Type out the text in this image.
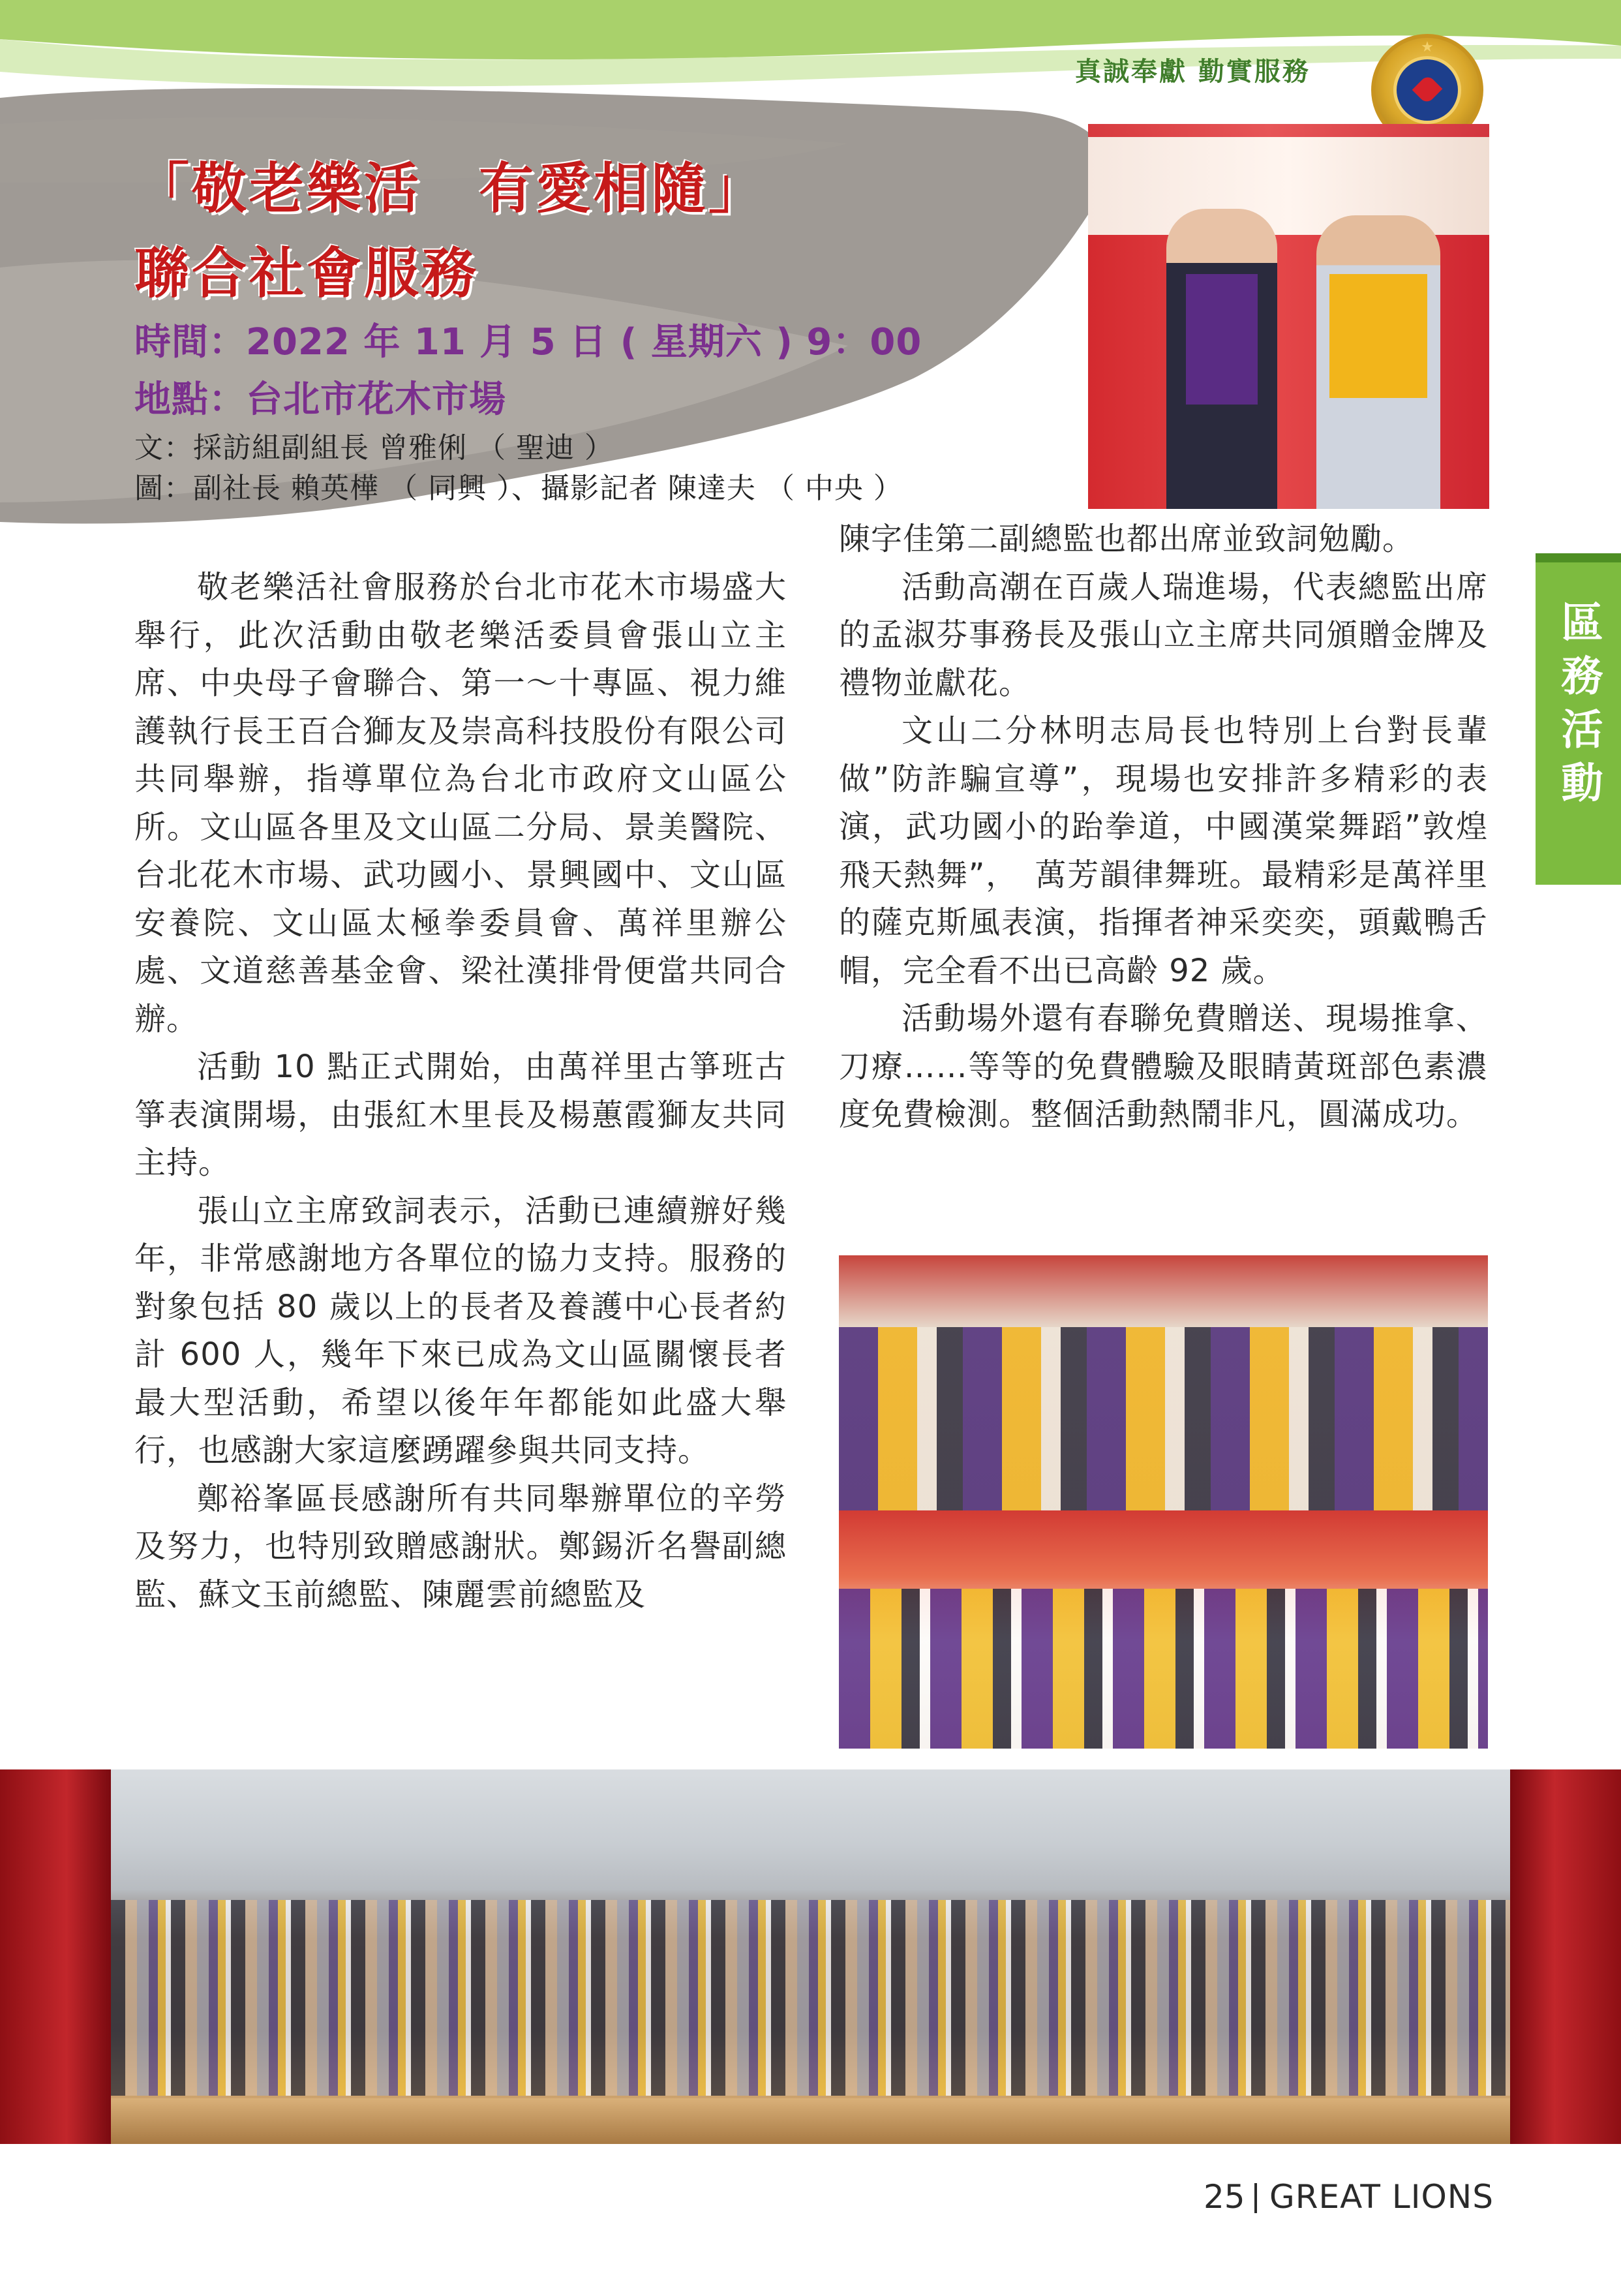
真誠奉獻 勤實服務
★
「敬老樂活　有愛相隨」
聯合社會服務
時間：2022 年 11 月 5 日 ( 星期六 ) 9：00
地點：台北市花木市場
文：採訪組副組長 曾雅俐 （ 聖迪 ）
圖：副社長 賴英樺 （ 同興 ）、攝影記者 陳達夫 （ 中央 ）
區務活動

敬老樂活社會服務於台北市花木市場盛大舉行，此次活動由敬老樂活委員會張山立主席、中央母子會聯合、第一～十專區、視力維護執行長王百合獅友及崇高科技股份有限公司共同舉辦，指導單位為台北市政府文山區公所。文山區各里及文山區二分局、景美醫院、台北花木市場、武功國小、景興國中、文山區安養院、文山區太極拳委員會、萬祥里辦公處、文道慈善基金會、梁社漢排骨便當共同合辦。

活動 10 點正式開始，由萬祥里古箏班古箏表演開場，由張紅木里長及楊蕙霞獅友共同主持。

張山立主席致詞表示，活動已連續辦好幾年，非常感謝地方各單位的協力支持。服務的對象包括 80 歲以上的長者及養護中心長者約計 600 人，幾年下來已成為文山區關懷長者最大型活動，希望以後年年都能如此盛大舉行，也感謝大家這麼踴躍參與共同支持。

鄭裕峯區長感謝所有共同舉辦單位的辛勞及努力，也特別致贈感謝狀。鄭錫沂名譽副總監、蘇文玉前總監、陳麗雲前總監及

陳字佳第二副總監也都出席並致詞勉勵。

活動高潮在百歲人瑞進場，代表總監出席的孟淑芬事務長及張山立主席共同頒贈金牌及禮物並獻花。

文山二分林明志局長也特別上台對長輩做”防詐騙宣導”，現場也安排許多精彩的表演，武功國小的跆拳道，中國漢棠舞蹈”敦煌飛天熱舞”，　萬芳韻律舞班。最精彩是萬祥里的薩克斯風表演，指揮者神采奕奕，頭戴鴨舌帽，完全看不出已高齡 92 歲。

活動場外還有春聯免費贈送、現場推拿、刀療……等等的免費體驗及眼睛黃斑部色素濃度免費檢測。整個活動熱鬧非凡，圓滿成功。

25 GREAT LIONS
